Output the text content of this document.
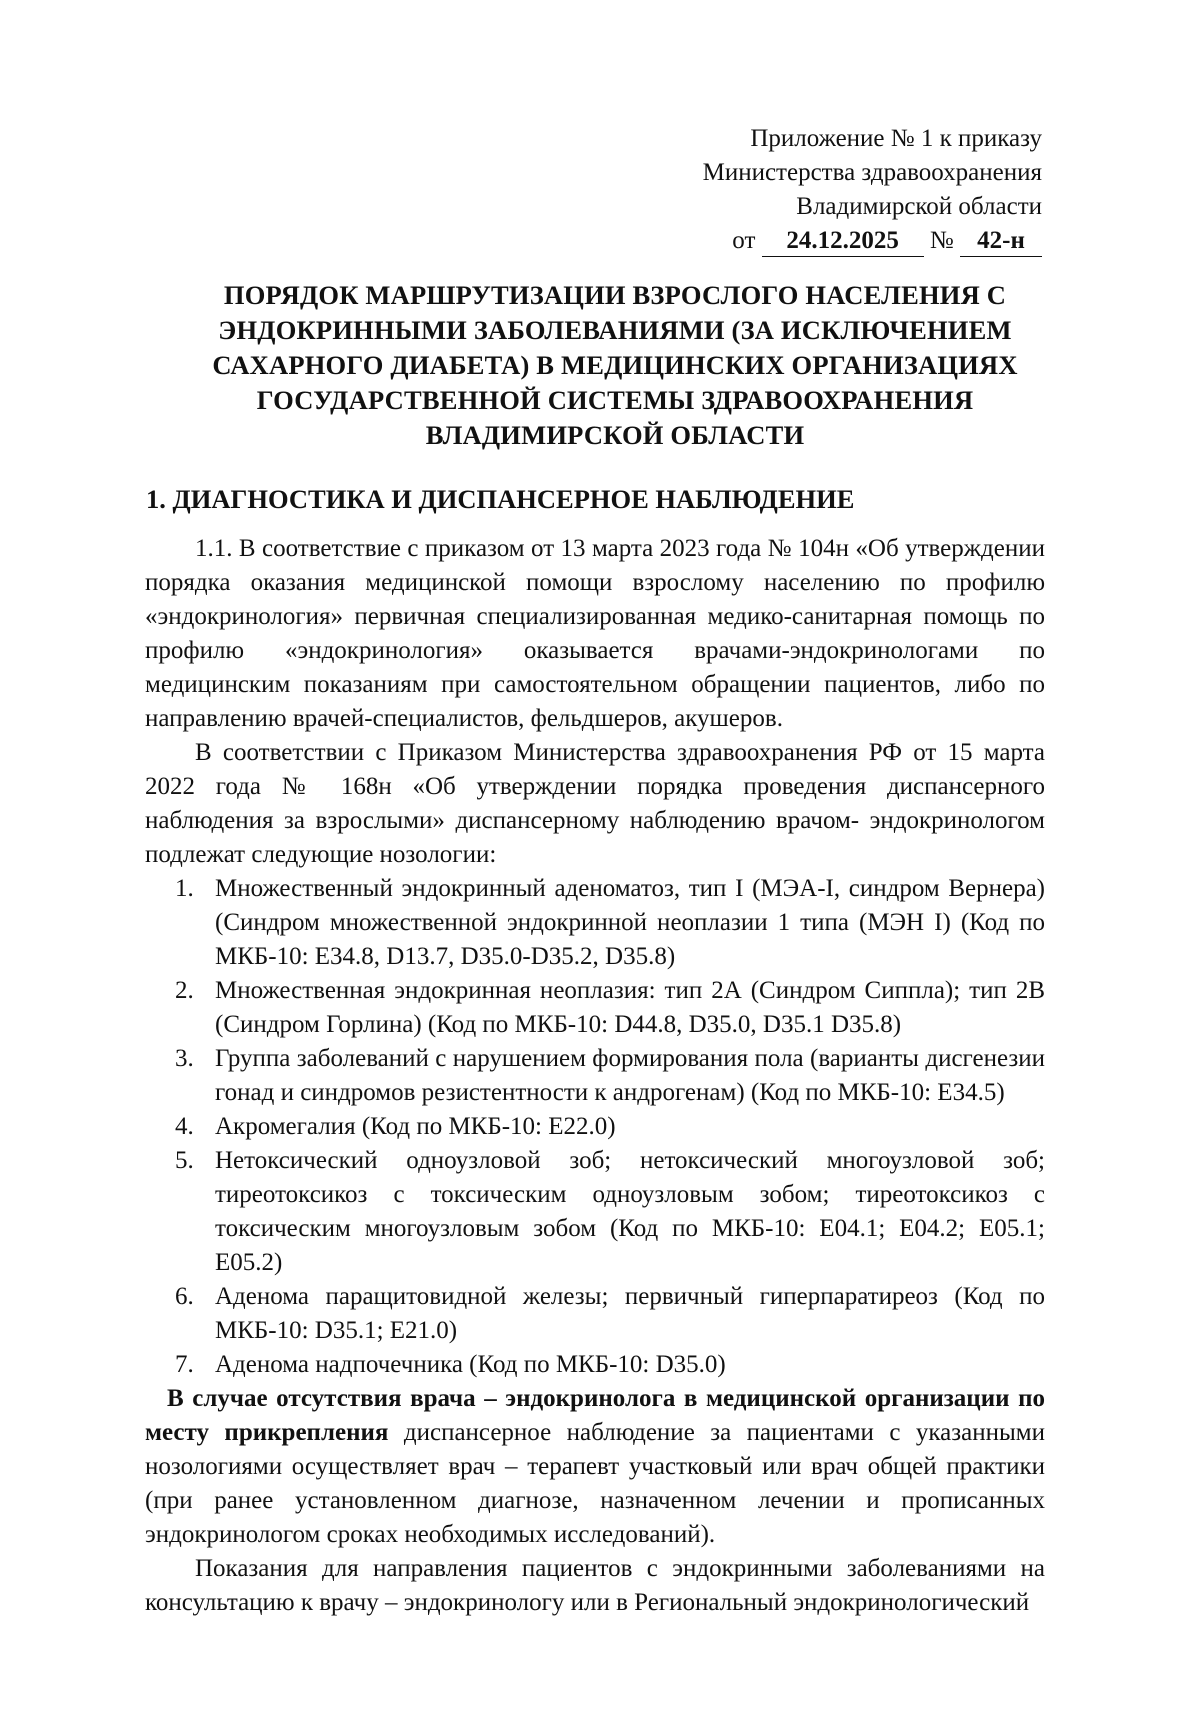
Приложение № 1 к приказу
Министерства здравоохранения
Владимирской области
от 24.12.2025 № 42-н
ПОРЯДОК МАРШРУТИЗАЦИИ ВЗРОСЛОГО НАСЕЛЕНИЯ С
ЭНДОКРИННЫМИ ЗАБОЛЕВАНИЯМИ (ЗА ИСКЛЮЧЕНИЕМ
САХАРНОГО ДИАБЕТА) В МЕДИЦИНСКИХ ОРГАНИЗАЦИЯХ
ГОСУДАРСТВЕННОЙ СИСТЕМЫ ЗДРАВООХРАНЕНИЯ
ВЛАДИМИРСКОЙ ОБЛАСТИ
1. ДИАГНОСТИКА И ДИСПАНСЕРНОЕ НАБЛЮДЕНИЕ

1.1. В соответствие с приказом от 13 марта 2023 года № 104н «Об утверждении порядка оказания медицинской помощи взрослому населению по профилю «эндокринология» первичная специализированная медико-санитарная помощь по профилю «эндокринология» оказывается врачами-эндокринологами по медицинским показаниям при самостоятельном обращении пациентов, либо по направлению врачей-специалистов, фельдшеров, акушеров.

В соответствии с Приказом Министерства здравоохранения РФ от 15 марта 2022 года № 168н «Об утверждении порядка проведения диспансерного наблюдения за взрослыми» диспансерному наблюдению врачом- эндокринологом подлежат следующие нозологии:

1. Множественный эндокринный аденоматоз, тип I (МЭА-I, синдром Вернера) (Синдром множественной эндокринной неоплазии 1 типа (МЭН I) (Код по МКБ-10: E34.8, D13.7, D35.0-D35.2, D35.8)
2. Множественная эндокринная неоплазия: тип 2А (Синдром Сиппла); тип 2В (Синдром Горлина) (Код по МКБ-10: D44.8, D35.0, D35.1 D35.8)
3. Группа заболеваний с нарушением формирования пола (варианты дисгенезии гонад и синдромов резистентности к андрогенам) (Код по МКБ-10: E34.5)
4. Акромегалия (Код по МКБ-10: E22.0)
5. Нетоксический одноузловой зоб; нетоксический многоузловой зоб; тиреотоксикоз с токсическим одноузловым зобом; тиреотоксикоз с токсическим многоузловым зобом (Код по МКБ-10: E04.1; E04.2; E05.1; E05.2)
6. Аденома паращитовидной железы; первичный гиперпаратиреоз (Код по МКБ-10: D35.1; E21.0)
7. Аденома надпочечника (Код по МКБ-10: D35.0)

В случае отсутствия врача – эндокринолога в медицинской организации по месту прикрепления диспансерное наблюдение за пациентами с указанными нозологиями осуществляет врач – терапевт участковый или врач общей практики (при ранее установленном диагнозе, назначенном лечении и прописанных эндокринологом сроках необходимых исследований).

Показания для направления пациентов с эндокринными заболеваниями на консультацию к врачу – эндокринологу или в Региональный эндокринологический
